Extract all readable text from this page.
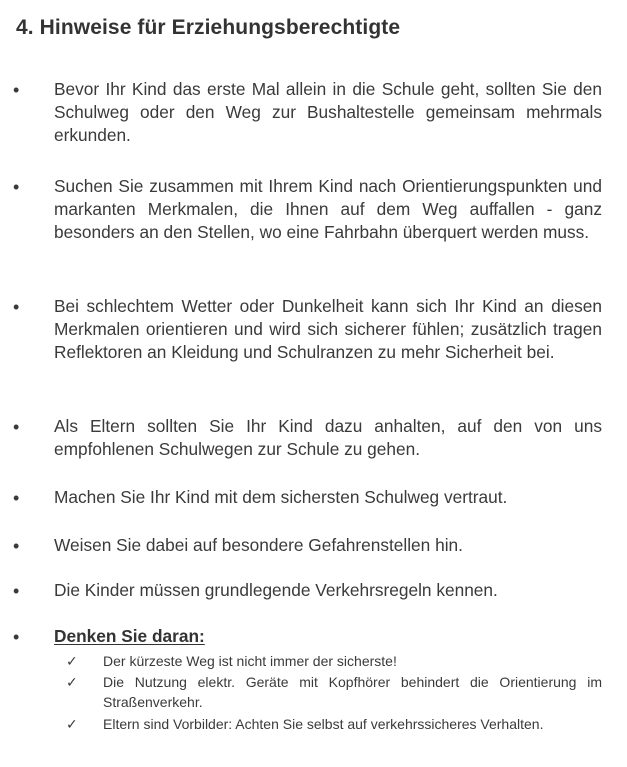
4. Hinweise für Erziehungsberechtigte
• Bevor Ihr Kind das erste Mal allein in die Schule geht, sollten Sie den Schulweg oder den Weg zur Bushaltestelle gemeinsam mehrmals erkunden.
• Suchen Sie zusammen mit Ihrem Kind nach Orientierungspunkten und markanten Merkmalen, die Ihnen auf dem Weg auffallen - ganz besonders an den Stellen, wo eine Fahrbahn überquert werden muss.
• Bei schlechtem Wetter oder Dunkelheit kann sich Ihr Kind an diesen Merkmalen orientieren und wird sich sicherer fühlen; zusätzlich tragen Reflektoren an Kleidung und Schulranzen zu mehr Sicherheit bei.
• Als Eltern sollten Sie Ihr Kind dazu anhalten, auf den von uns empfohlenen Schulwegen zur Schule zu gehen.
• Machen Sie Ihr Kind mit dem sichersten Schulweg vertraut.
• Weisen Sie dabei auf besondere Gefahrenstellen hin.
• Die Kinder müssen grundlegende Verkehrsregeln kennen.
• Denken Sie daran:
✓ Der kürzeste Weg ist nicht immer der sicherste!
✓ Die Nutzung elektr. Geräte mit Kopfhörer behindert die Orientierung im Straßenverkehr.
✓ Eltern sind Vorbilder: Achten Sie selbst auf verkehrssicheres Verhalten.
